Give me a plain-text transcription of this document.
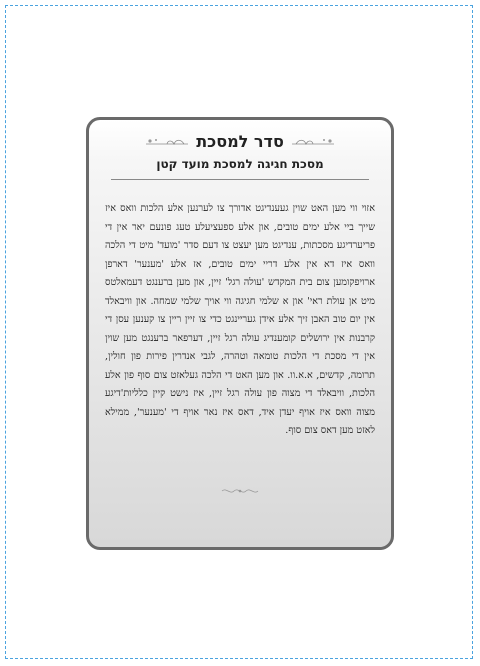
סדר למסכת
מסכת חגיגה למסכת מועד קטן
אזוי ווי מען האט שוין געענדיגט אדורך צו לערנען אלע הלכות וואס איז שייך ביי אלע ימים טובים, און אלע ספעציעלע טעג פונעם יאר אין די פריערדיגע מסכתות, ענדיגט מען יעצט צו דעם סדר 'מועד' מיט די הלכה וואס איז דא אין אלע דריי ימים טובים, אז אלע 'מענער' דארפן ארויפקומען צום בית המקדש 'עולה רגל' זיין, און מען ברענגט דעמאלטס מיט אן עולת ראי' און א שלמי חגיגה ווי אויך שלמי שמחה. און וויבאלד אין יום טוב האבן זיך אלע אידן געריינגט כדי צו זיין ריין צו קענען עסן די קרבנות אין ירושלים קומענדיג עולה רגל זיין, דערפאר ברענגט מען שוין אין די מסכת די הלכות טומאה וטהרה, לגבי אנדרין פירות פון חולין, תרומה, קדשים, א.א.וו. און מען האט די הלכה געלאזט צום סוף פון אלע הלכות, וויבאלד די מצוה פון עולה רגל זיין, איז נישט קיין כלליות'דיגע מצוה וואס איז אויף יעדן איד, דאס איז נאר אויף די 'מענער', ממילא לאזט מען דאס צום סוף.
